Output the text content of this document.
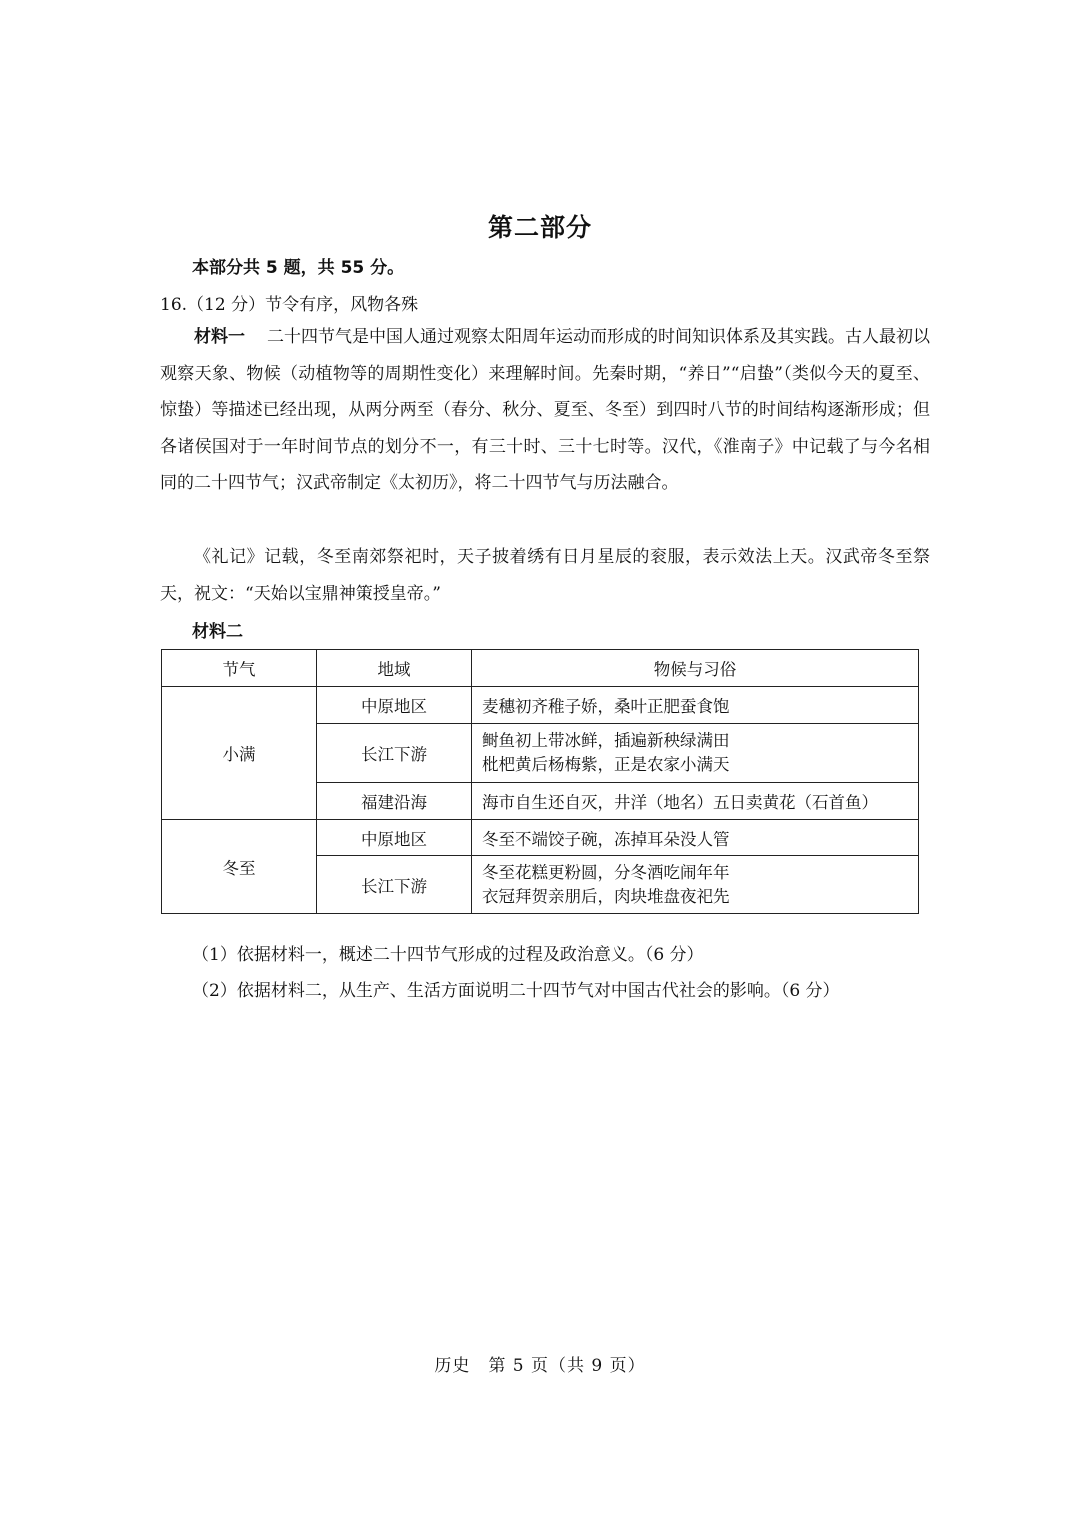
第二部分
本部分共 5 题，共 55 分。
16.（12 分）节令有序，风物各殊

材料一 二十四节气是中国人通过观察太阳周年运动而形成的时间知识体系及其实践。古人最初以观察天象、物候（动植物等的周期性变化）来理解时间。先秦时期，“养日”“启蛰”（类似今天的夏至、惊蛰）等描述已经出现，从两分两至（春分、秋分、夏至、冬至）到四时八节的时间结构逐渐形成；但各诸侯国对于一年时间节点的划分不一，有三十时、三十七时等。汉代，《淮南子》中记载了与今名相同的二十四节气；汉武帝制定《太初历》，将二十四节气与历法融合。

《礼记》记载，冬至南郊祭祀时，天子披着绣有日月星辰的衮服，表示效法上天。汉武帝冬至祭天，祝文：“天始以宝鼎神策授皇帝。”

材料二
节气	地域	物候与习俗
小满	中原地区	麦穗初齐稚子娇，桑叶正肥蚕食饱
	长江下游	鲥鱼初上带冰鲜，插遍新秧绿满田
枇杷黄后杨梅紫，正是农家小满天

	福建沿海	海市自生还自灭，井洋（地名）五日卖黄花（石首鱼）
冬至	中原地区	冬至不端饺子碗，冻掉耳朵没人管
	长江下游	冬至花糕更粉圆，分冬酒吃闹年年
衣冠拜贺亲朋后，肉块堆盘夜祀先
（1）依据材料一，概述二十四节气形成的过程及政治意义。（6 分）
（2）依据材料二，从生产、生活方面说明二十四节气对中国古代社会的影响。（6 分）
历史　第 5 页（共 9 页）
